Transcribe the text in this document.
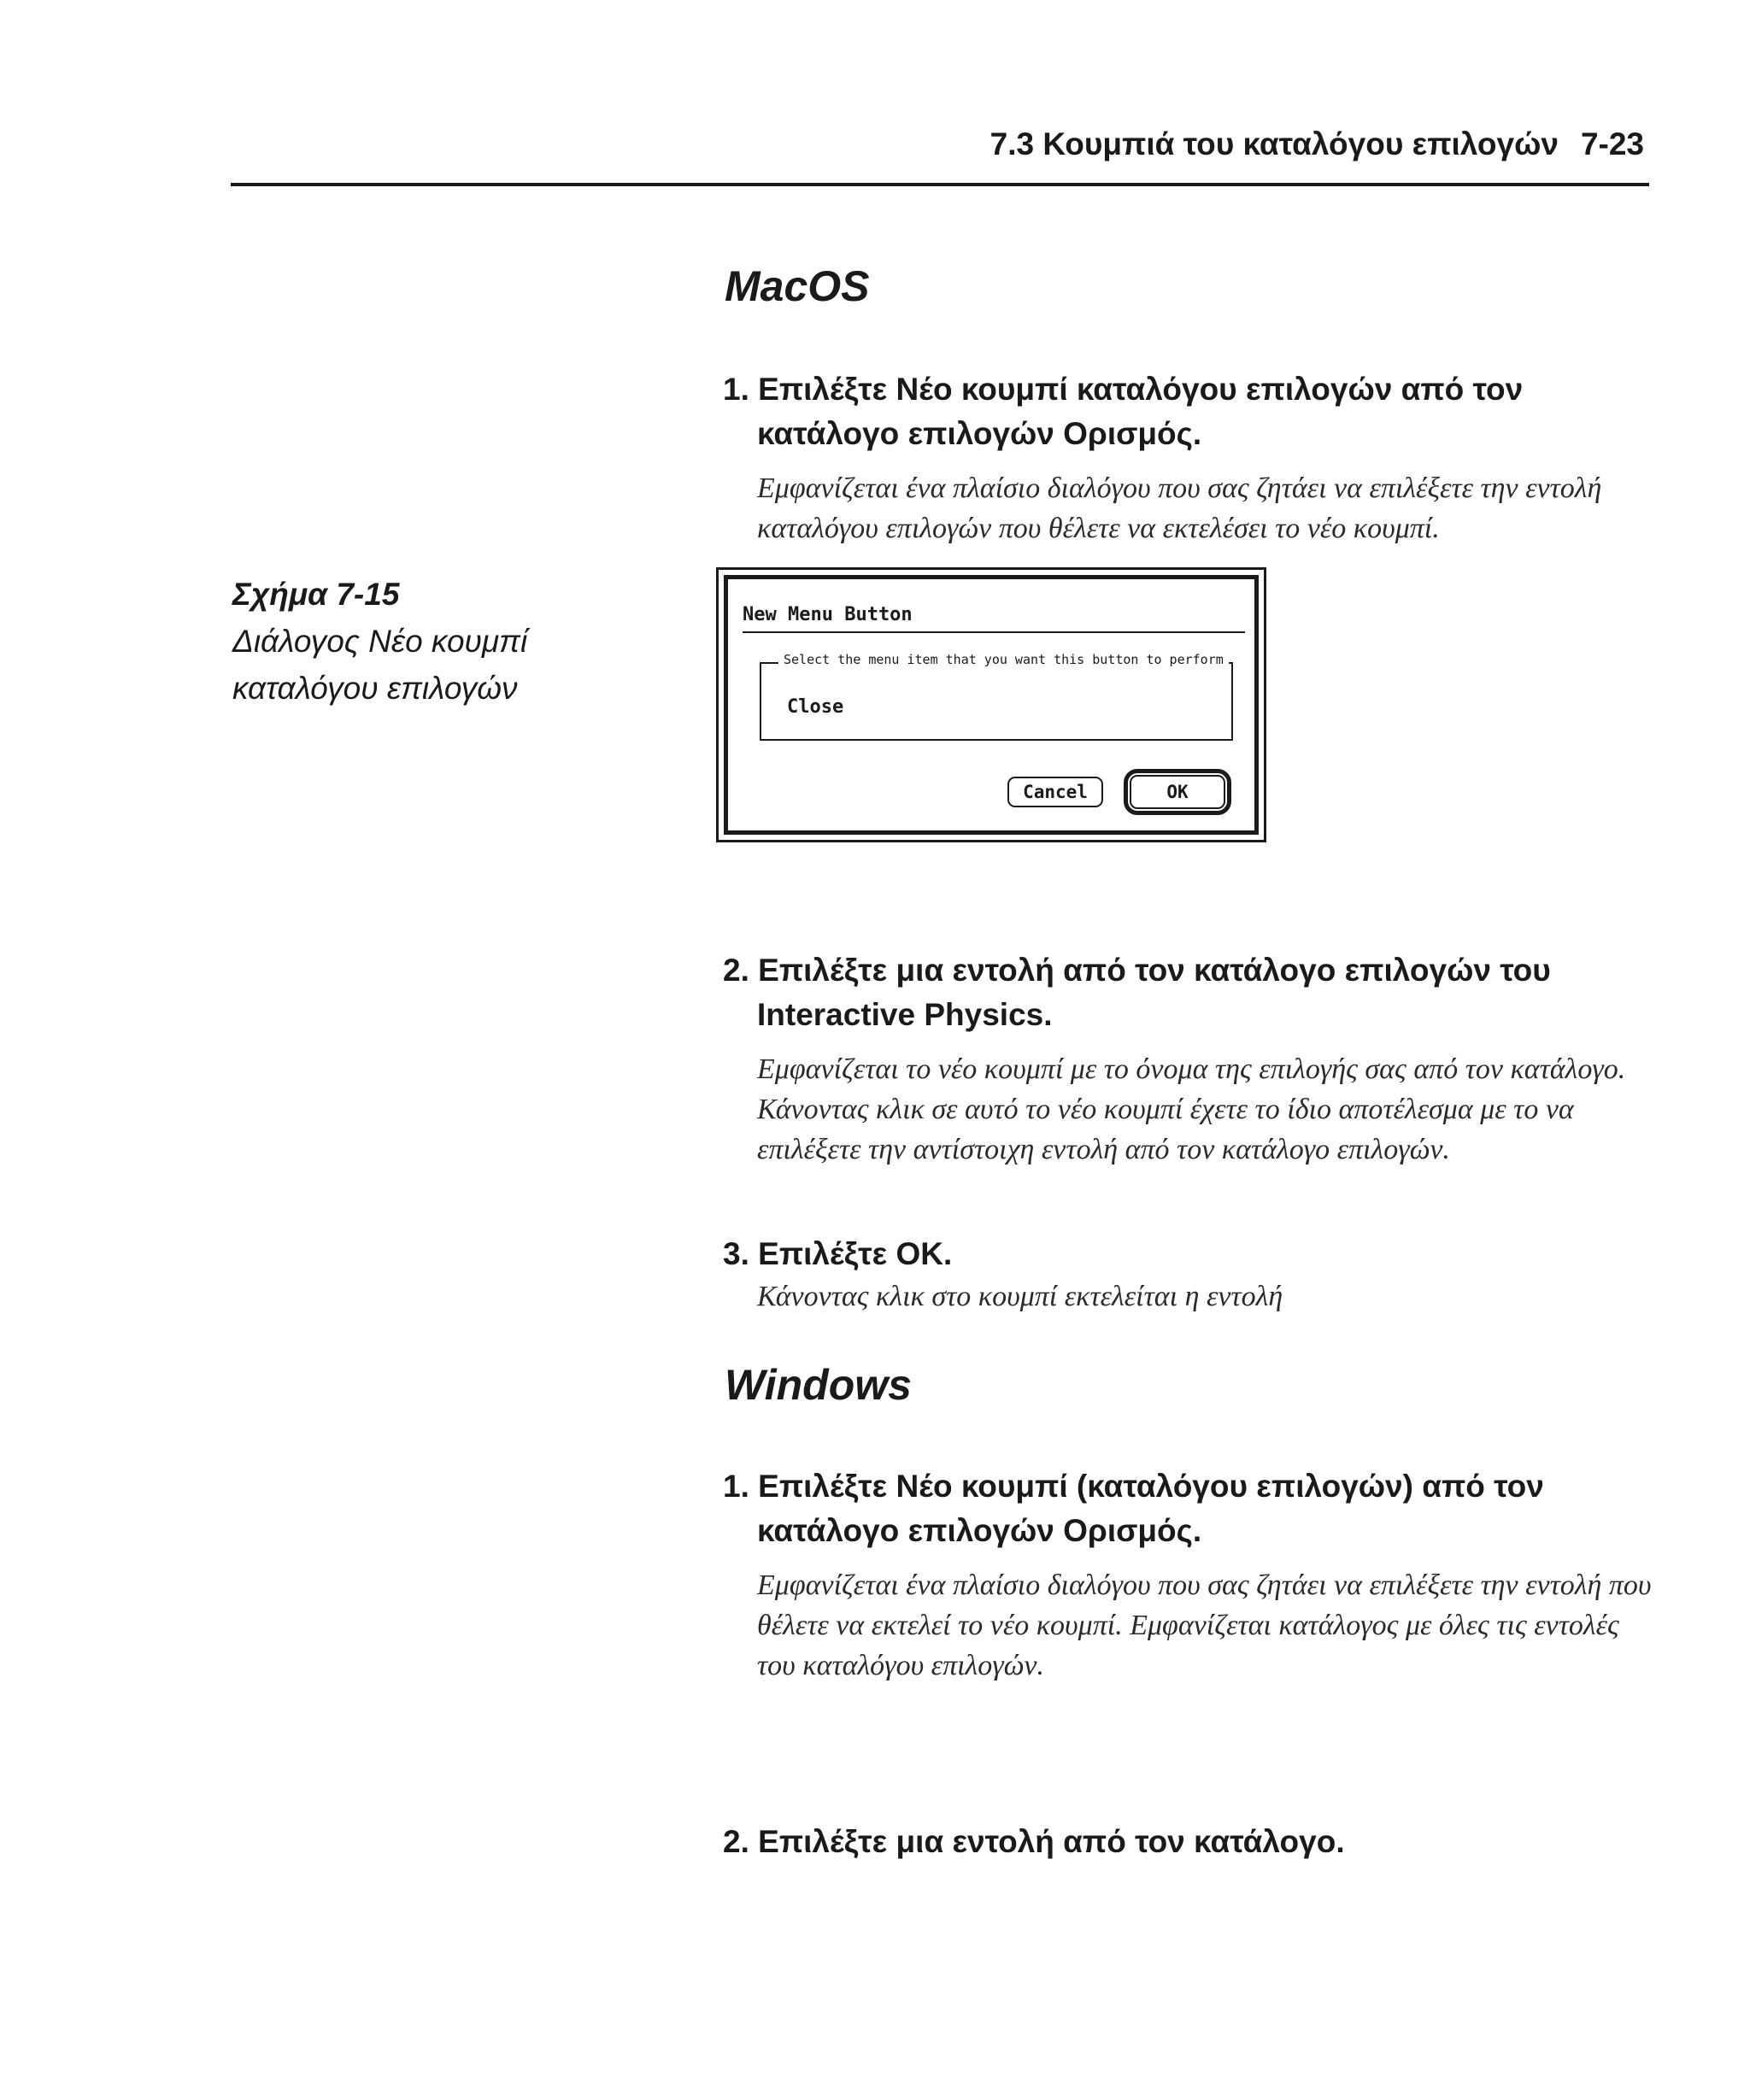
7.3 Κουμπιά του καταλόγου επιλογών 7-23
Σχήμα 7-15
Διάλογος Νέο κουμπί καταλόγου επιλογών
MacOS

1. Επιλέξτε Νέο κουμπί καταλόγου επιλογών από τον κατάλογο επιλογών Ορισμός.

Εμφανίζεται ένα πλαίσιο διαλόγου που σας ζητάει να επιλέξετε την εντολή καταλόγου επιλογών που θέλετε να εκτελέσει το νέο κουμπί.

New Menu Button
Select the menu item that you want this button to perform
Close
Cancel	OK

2. Επιλέξτε μια εντολή από τον κατάλογο επιλογών του Interactive Physics.

Εμφανίζεται το νέο κουμπί με το όνομα της επιλογής σας από τον κατάλογο. Κάνοντας κλικ σε αυτό το νέο κουμπί έχετε το ίδιο αποτέλεσμα με το να επιλέξετε την αντίστοιχη εντολή από τον κατάλογο επιλογών.

3. Επιλέξτε ΟΚ.

Κάνοντας κλικ στο κουμπί εκτελείται η εντολή

Windows

1. Επιλέξτε Νέο κουμπί (καταλόγου επιλογών) από τον κατάλογο επιλογών Ορισμός.

Εμφανίζεται ένα πλαίσιο διαλόγου που σας ζητάει να επιλέξετε την εντολή που θέλετε να εκτελεί το νέο κουμπί. Εμφανίζεται κατάλογος με όλες τις εντολές του καταλόγου επιλογών.

2. Επιλέξτε μια εντολή από τον κατάλογο.
